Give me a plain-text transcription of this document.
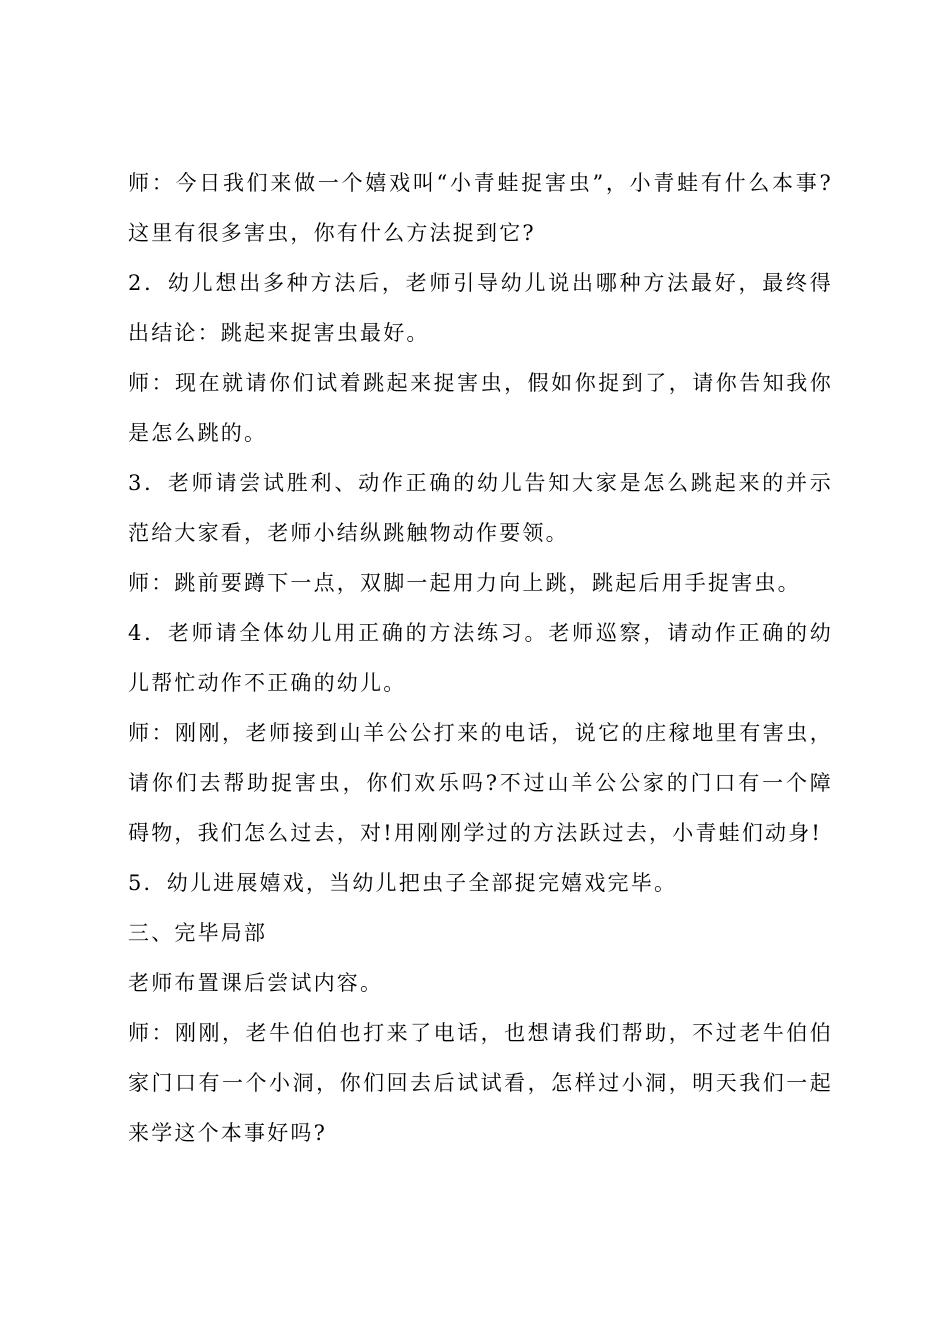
师：今日我们来做一个嬉戏叫“小青蛙捉害虫”，小青蛙有什么本事?这里有很多害虫，你有什么方法捉到它?

2．幼儿想出多种方法后，老师引导幼儿说出哪种方法最好，最终得出结论：跳起来捉害虫最好。

师：现在就请你们试着跳起来捉害虫，假如你捉到了，请你告知我你是怎么跳的。

3．老师请尝试胜利、动作正确的幼儿告知大家是怎么跳起来的并示范给大家看，老师小结纵跳触物动作要领。

师：跳前要蹲下一点，双脚一起用力向上跳，跳起后用手捉害虫。

4．老师请全体幼儿用正确的方法练习。老师巡察，请动作正确的幼儿帮忙动作不正确的幼儿。

师：刚刚，老师接到山羊公公打来的电话，说它的庄稼地里有害虫，请你们去帮助捉害虫，你们欢乐吗?不过山羊公公家的门口有一个障碍物，我们怎么过去，对!用刚刚学过的方法跃过去，小青蛙们动身!

5．幼儿进展嬉戏，当幼儿把虫子全部捉完嬉戏完毕。

三、完毕局部

老师布置课后尝试内容。

师：刚刚，老牛伯伯也打来了电话，也想请我们帮助，不过老牛伯伯家门口有一个小洞，你们回去后试试看，怎样过小洞，明天我们一起来学这个本事好吗?
